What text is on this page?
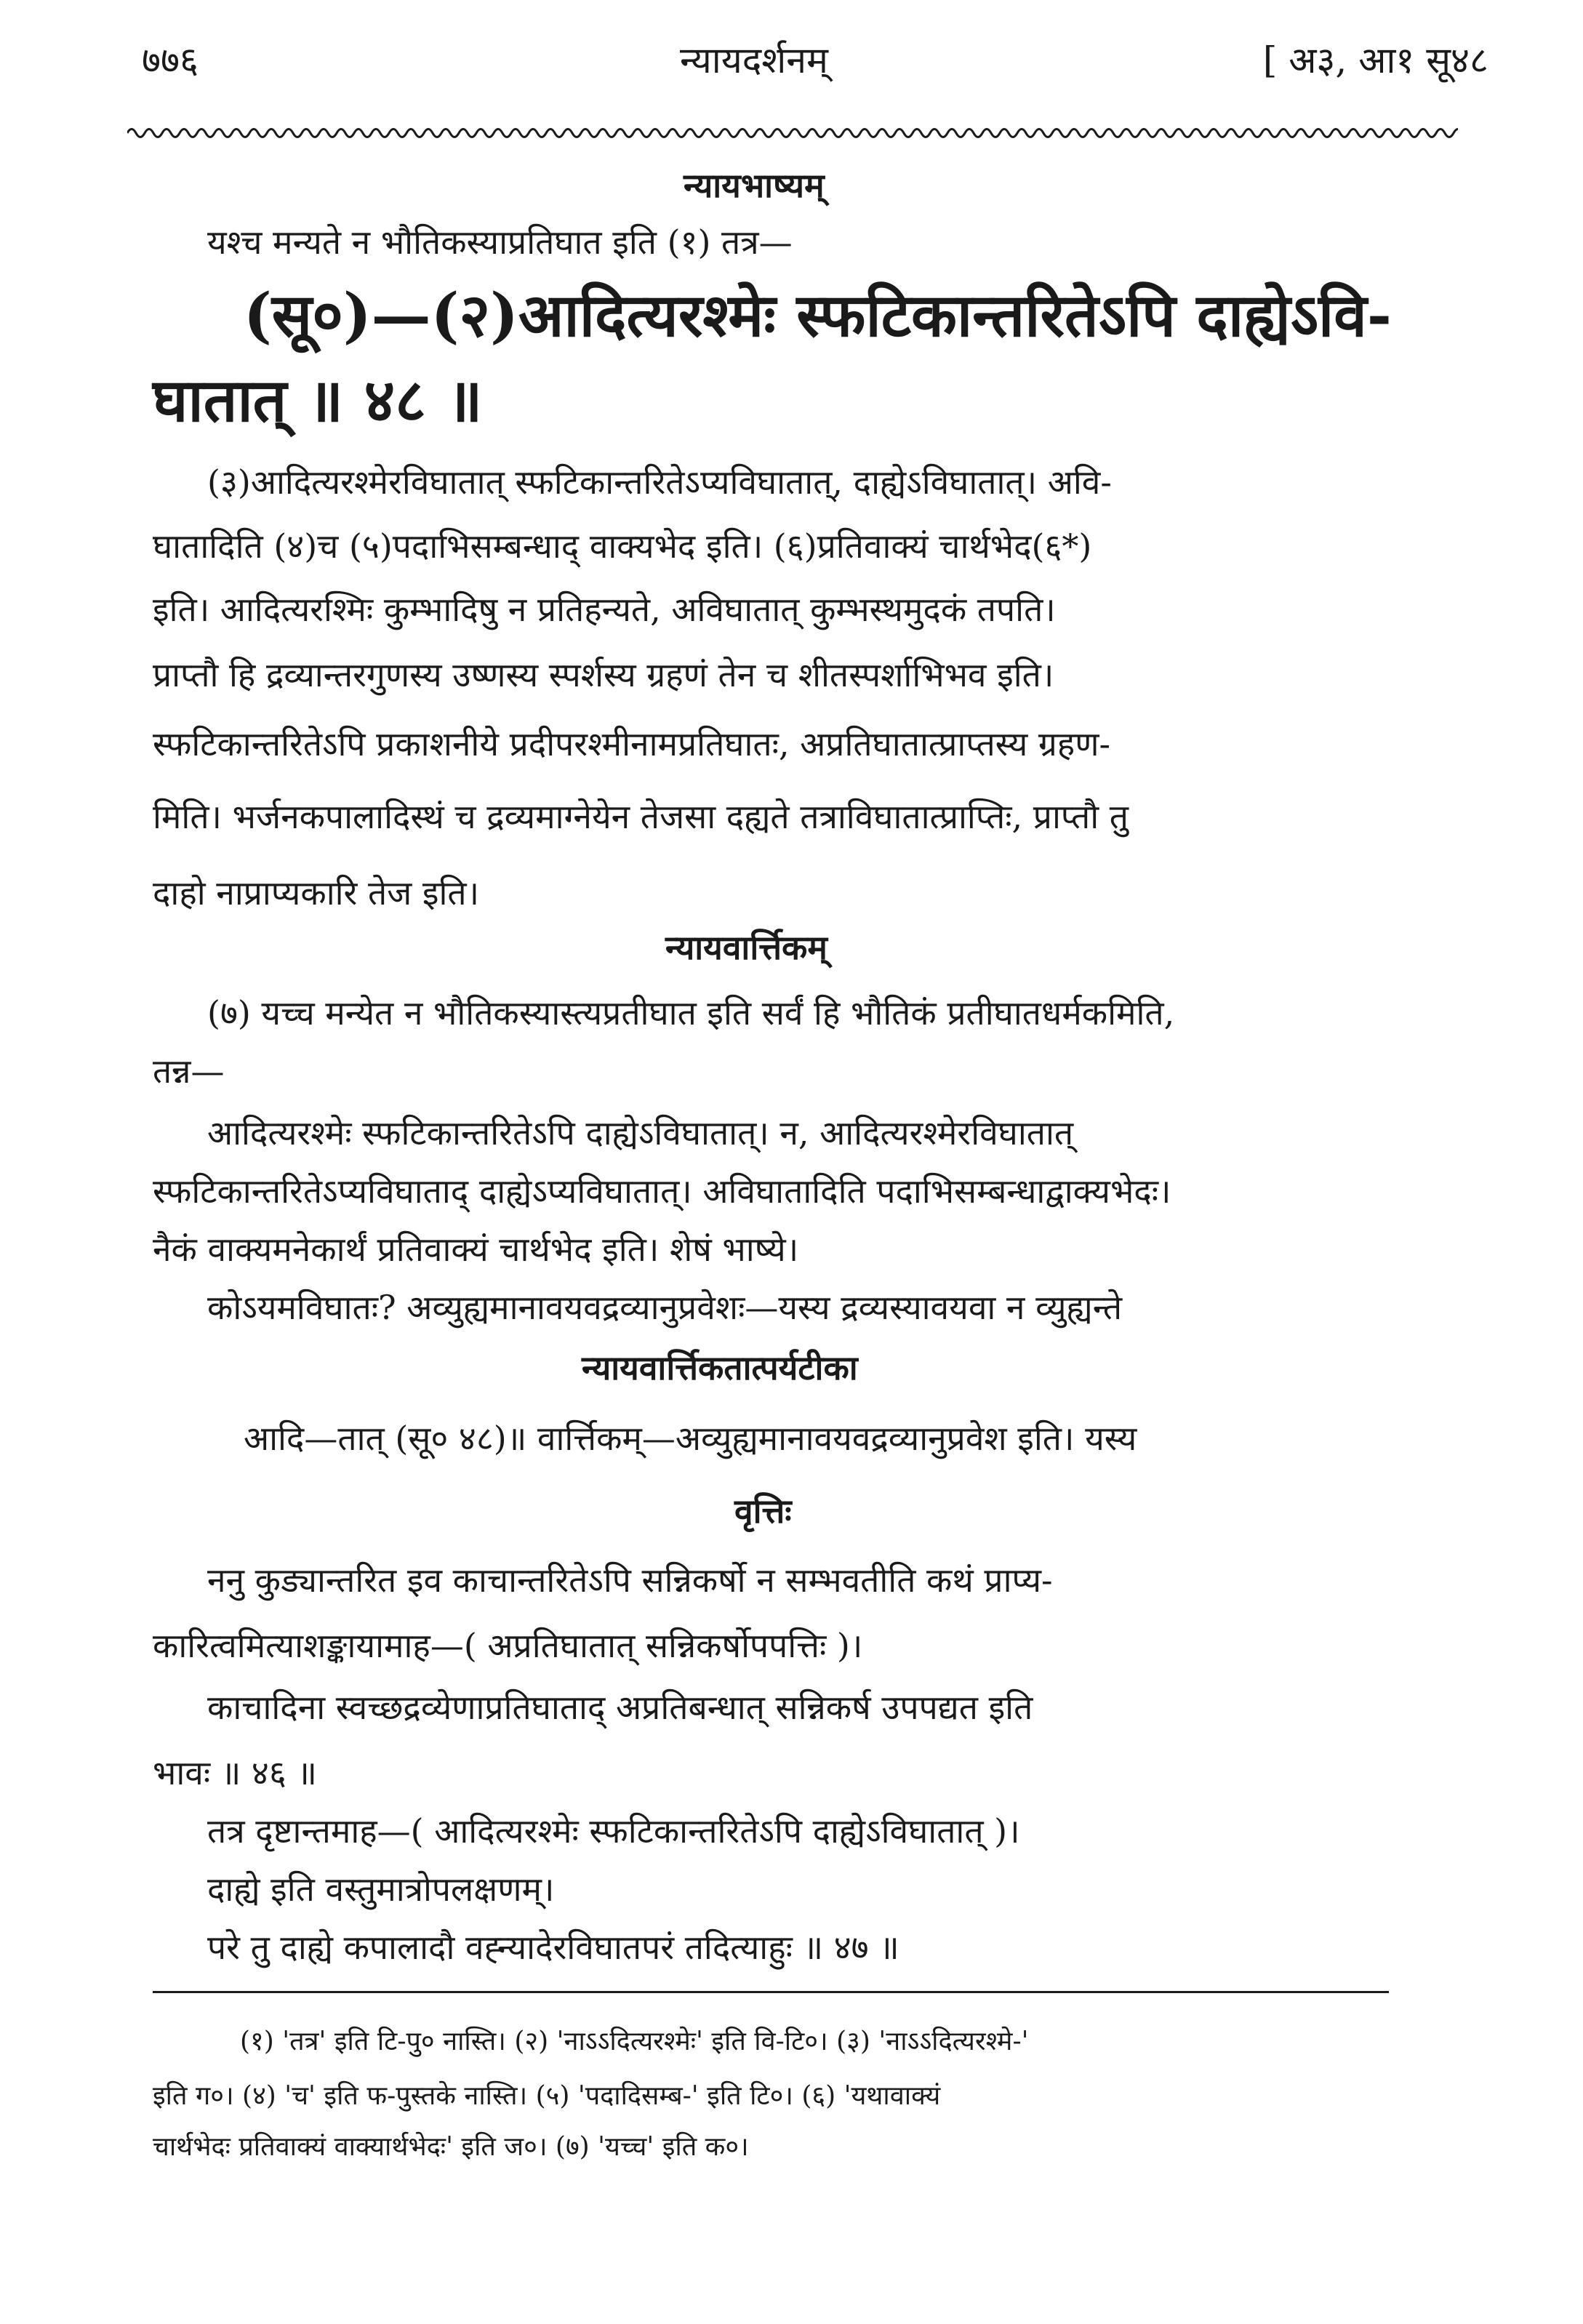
७७६	न्यायदर्शनम्	[ अ३, आ१ सू४८
न्यायभाष्यम्
यश्च मन्यते न भौतिकस्याप्रतिघात इति (१) तत्र—
(सू०)—(२)आदित्यरश्मेः स्फटिकान्तरितेऽपि दाह्येऽवि-
घातात् ॥ ४८ ॥
(३)आदित्यरश्मेरविघातात् स्फटिकान्तरितेऽप्यविघातात्, दाह्येऽविघातात्। अवि-
घातादिति (४)च (५)पदाभिसम्बन्धाद् वाक्यभेद इति। (६)प्रतिवाक्यं चार्थभेद(६*)
इति। आदित्यरश्मिः कुम्भादिषु न प्रतिहन्यते, अविघातात् कुम्भस्थमुदकं तपति।
प्राप्तौ हि द्रव्यान्तरगुणस्य उष्णस्य स्पर्शस्य ग्रहणं तेन च शीतस्पर्शाभिभव इति।
स्फटिकान्तरितेऽपि प्रकाशनीये प्रदीपरश्मीनामप्रतिघातः, अप्रतिघातात्प्राप्तस्य ग्रहण-
मिति। भर्जनकपालादिस्थं च द्रव्यमाग्नेयेन तेजसा दह्यते तत्राविघातात्प्राप्तिः, प्राप्तौ तु
दाहो नाप्राप्यकारि तेज इति।
न्यायवार्त्तिकम्
(७) यच्च मन्येत न भौतिकस्यास्त्यप्रतीघात इति सर्वं हि भौतिकं प्रतीघातधर्मकमिति,
तन्न—
आदित्यरश्मेः स्फटिकान्तरितेऽपि दाह्येऽविघातात्। न, आदित्यरश्मेरविघातात्
स्फटिकान्तरितेऽप्यविघाताद् दाह्येऽप्यविघातात्। अविघातादिति पदाभिसम्बन्धाद्वाक्यभेदः।
नैकं वाक्यमनेकार्थं प्रतिवाक्यं चार्थभेद इति। शेषं भाष्ये।
कोऽयमविघातः? अव्युह्यमानावयवद्रव्यानुप्रवेशः—यस्य द्रव्यस्यावयवा न व्युह्यन्ते
न्यायवार्त्तिकतात्पर्यटीका
आदि—तात् (सू० ४८)॥ वार्त्तिकम्—अव्युह्यमानावयवद्रव्यानुप्रवेश इति। यस्य
वृत्तिः
ननु कुड्यान्तरित इव काचान्तरितेऽपि सन्निकर्षो न सम्भवतीति कथं प्राप्य-
कारित्वमित्याशङ्कायामाह—( अप्रतिघातात् सन्निकर्षोपपत्तिः )।
काचादिना स्वच्छद्रव्येणाप्रतिघाताद् अप्रतिबन्धात् सन्निकर्ष उपपद्यत इति
भावः ॥ ४६ ॥
तत्र दृष्टान्तमाह—( आदित्यरश्मेः स्फटिकान्तरितेऽपि दाह्येऽविघातात् )।
दाह्ये इति वस्तुमात्रोपलक्षणम्।
परे तु दाह्ये कपालादौ वह्न्यादेरविघातपरं तदित्याहुः ॥ ४७ ॥
(१) 'तत्र' इति टि-पु० नास्ति। (२) 'नाऽऽदित्यरश्मेः' इति वि-टि०। (३) 'नाऽऽदित्यरश्मे-'
इति ग०। (४) 'च' इति फ-पुस्तके नास्ति। (५) 'पदादिसम्ब-' इति टि०। (६) 'यथावाक्यं
चार्थभेदः प्रतिवाक्यं वाक्यार्थभेदः' इति ज०। (७) 'यच्च' इति क०।
